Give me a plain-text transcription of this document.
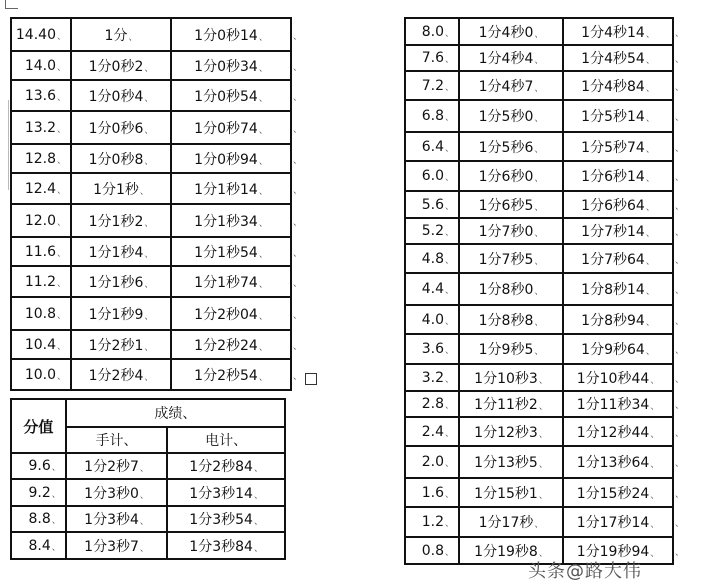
14.40、	1分、	1分0秒14、	、
14.0、	1分0秒2、	1分0秒34、	、
13.6、	1分0秒4、	1分0秒54、	、
13.2、	1分0秒6、	1分0秒74、	、
12.8、	1分0秒8、	1分0秒94、	、
12.4、	1分1秒、	1分1秒14、	、
12.0、	1分1秒2、	1分1秒34、	、
11.6、	1分1秒4、	1分1秒54、	、
11.2、	1分1秒6、	1分1秒74、	、
10.8、	1分1秒9、	1分2秒04、	、
10.4、	1分2秒1、	1分2秒24、	、
10.0、	1分2秒4、	1分2秒54、	、
分值	成绩、	
	手计、	电计、
9.6、	1分2秒7、	1分2秒84、
9.2、	1分3秒0、	1分3秒14、
8.8、	1分3秒4、	1分3秒54、
8.4、	1分3秒7、	1分3秒84、
8.0、	1分4秒0、	1分4秒14、	、
7.6、	1分4秒4、	1分4秒54、	、
7.2、	1分4秒7、	1分4秒84、	、
6.8、	1分5秒0、	1分5秒14、	、
6.4、	1分5秒6、	1分5秒74、	、
6.0、	1分6秒0、	1分6秒14、	、
5.6、	1分6秒5、	1分6秒64、	、
5.2、	1分7秒0、	1分7秒14、	、
4.8、	1分7秒5、	1分7秒64、	、
4.4、	1分8秒0、	1分8秒14、	、
4.0、	1分8秒8、	1分8秒94、	、
3.6、	1分9秒5、	1分9秒64、	、
3.2、	1分10秒3、	1分10秒44、	、
2.8、	1分11秒2、	1分11秒34、	、
2.4、	1分12秒3、	1分12秒44、	、
2.0、	1分13秒5、	1分13秒64、	、
1.6、	1分15秒1、	1分15秒24、	、
1.2、	1分17秒、	1分17秒14、	、
0.8、	1分19秒8、	1分19秒94、	、
头条@路大伟
